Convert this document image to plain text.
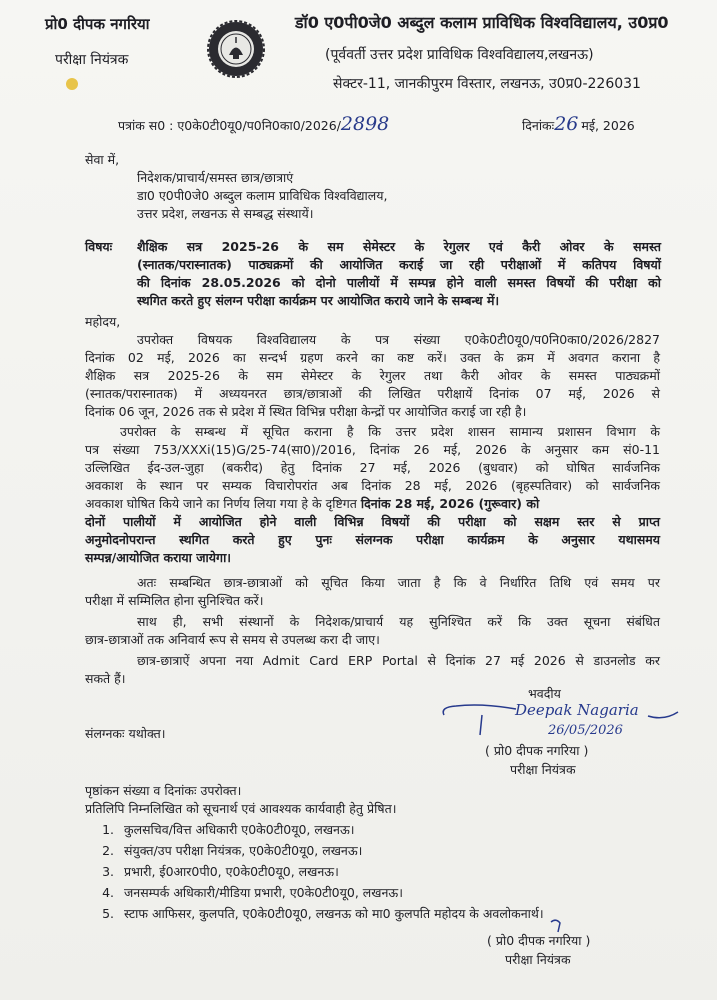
प्रो0 दीपक नगरिया
परीक्षा नियंत्रक
डॉ0 ए0पी0जे0 अब्दुल कलाम प्राविधिक विश्वविद्यालय, उ0प्र0
(पूर्ववर्ती उत्तर प्रदेश प्राविधिक विश्वविद्यालय,लखनऊ)
सेक्टर-11, जानकीपुरम विस्तार, लखनऊ, उ0प्र0-226031
पत्रांक स0 : ए0के0टी0यू0/प0नि0का0/2026/2898	दिनांकः26 मई, 2026
सेवा में,
निदेशक/प्राचार्य/समस्त छात्र/छात्राएं
डा0 ए0पी0जे0 अब्दुल कलाम प्राविधिक विश्वविद्यालय,
उत्तर प्रदेश, लखनऊ से सम्बद्ध संस्थायें।
विषयः शैक्षिक सत्र 2025-26 के सम सेमेस्टर के रेगुलर एवं कैरी ओवर के समस्त
(स्नातक/परास्नातक) पाठ्यक्रमों की आयोजित कराई जा रही परीक्षाओं में कतिपय विषयों
की दिनांक 28.05.2026 को दोनो पालीयों में सम्पन्न होने वाली समस्त विषयों की परीक्षा को
स्थगित करते हुए संलग्न परीक्षा कार्यक्रम पर आयोजित कराये जाने के सम्बन्ध में।
महोदय,
उपरोक्त विषयक विश्वविद्यालय के पत्र संख्या ए0के0टी0यू0/प0नि0का0/2026/2827
दिनांक 02 मई, 2026 का सन्दर्भ ग्रहण करने का कष्ट करें। उक्त के क्रम में अवगत कराना है
शैक्षिक सत्र 2025-26 के सम सेमेस्टर के रेगुलर तथा कैरी ओवर के समस्त पाठ्यक्रमों
(स्नातक/परास्नातक) में अध्ययनरत छात्र/छात्राओं की लिखित परीक्षायें दिनांक 07 मई, 2026 से
दिनांक 06 जून, 2026 तक से प्रदेश में स्थित विभिन्न परीक्षा केन्द्रों पर आयोजित कराई जा रही है।
उपरोक्त के सम्बन्ध में सूचित कराना है कि उत्तर प्रदेश शासन सामान्य प्रशासन विभाग के
पत्र संख्या 753/XXXi(15)G/25-74(सा0)/2016, दिनांक 26 मई, 2026 के अनुसार कम सं0-11
उल्लिखित ईद-उल-जुहा (बकरीद) हेतु दिनांक 27 मई, 2026 (बुधवार) को घोषित सार्वजनिक
अवकाश के स्थान पर सम्यक विचारोपरांत अब दिनांक 28 मई, 2026 (बृहस्पतिवार) को सार्वजनिक
अवकाश घोषित किये जाने का निर्णय लिया गया हे के दृष्टिगत दिनांक 28 मई, 2026 (गुरूवार) को
दोनों पालीयों में आयोजित होने वाली विभिन्न विषयों की परीक्षा को सक्षम स्तर से प्राप्त
अनुमोदनोपरान्त स्थगित करते हुए पुनः संलग्नक परीक्षा कार्यक्रम के अनुसार यथासमय
सम्पन्न/आयोजित कराया जायेगा।
अतः सम्बन्धित छात्र-छात्राओं को सूचित किया जाता है कि वे निर्धारित तिथि एवं समय पर
परीक्षा में सम्मिलित होना सुनिश्चित करें।
साथ ही, सभी संस्थानों के निदेशक/प्राचार्य यह सुनिश्चित करें कि उक्त सूचना संबंधित
छात्र-छात्राओं तक अनिवार्य रूप से समय से उपलब्ध करा दी जाए।
छात्र-छात्राऐं अपना नया Admit Card ERP Portal से दिनांक 27 मई 2026 से डाउनलोड कर
सकते हैं।
भवदीय
Deepak Nagaria
26/05/2026
( प्रो0 दीपक नगरिया )
परीक्षा नियंत्रक
संलग्नकः यथोक्त।
पृष्ठांकन संख्या व दिनांकः उपरोक्त।
प्रतिलिपि निम्नलिखित को सूचनार्थ एवं आवश्यक कार्यवाही हेतु प्रेषित।
1. कुलसचिव/वित्त अधिकारी ए0के0टी0यू0, लखनऊ।
2. संयुक्त/उप परीक्षा नियंत्रक, ए0के0टी0यू0, लखनऊ।
3. प्रभारी, ई0आर0पी0, ए0के0टी0यू0, लखनऊ।
4. जनसम्पर्क अधिकारी/मीडिया प्रभारी, ए0के0टी0यू0, लखनऊ।
5. स्टाफ आफिसर, कुलपति, ए0के0टी0यू0, लखनऊ को मा0 कुलपति महोदय के अवलोकनार्थ।
( प्रो0 दीपक नगरिया )
परीक्षा नियंत्रक
